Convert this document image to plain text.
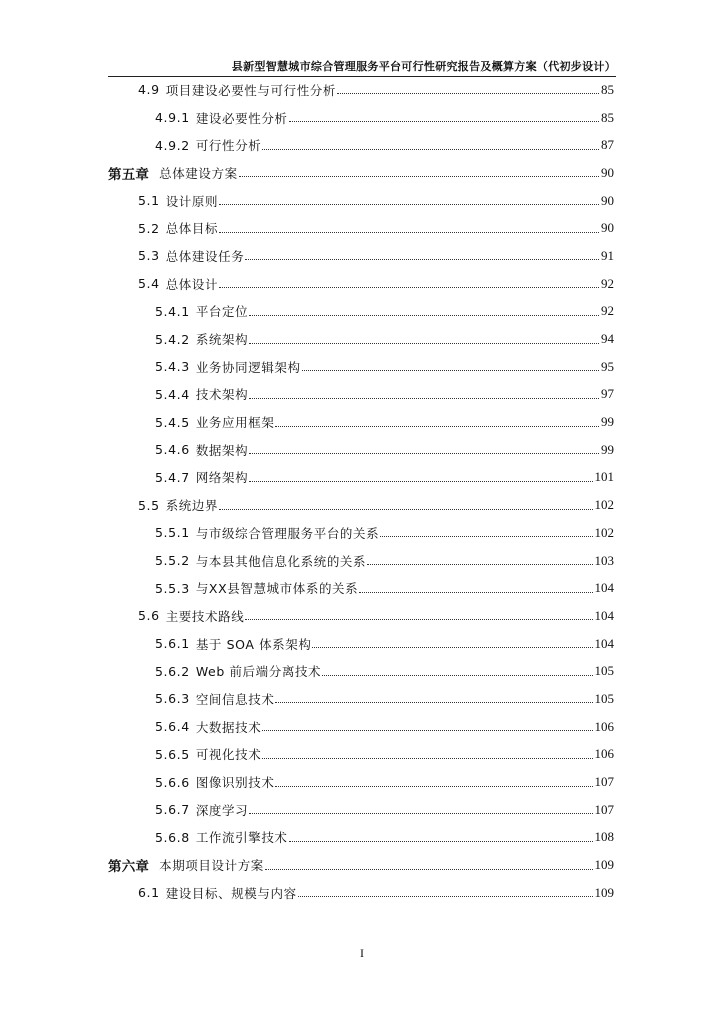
县新型智慧城市综合管理服务平台可行性研究报告及概算方案（代初步设计）
4.9 项目建设必要性与可行性分析	85
4.9.1 建设必要性分析	85
4.9.2 可行性分析	87
第五章 总体建设方案	90
5.1 设计原则	90
5.2 总体目标	90
5.3 总体建设任务	91
5.4 总体设计	92
5.4.1 平台定位	92
5.4.2 系统架构	94
5.4.3 业务协同逻辑架构	95
5.4.4 技术架构	97
5.4.5 业务应用框架	99
5.4.6 数据架构	99
5.4.7 网络架构	101
5.5 系统边界	102
5.5.1 与市级综合管理服务平台的关系	102
5.5.2 与本县其他信息化系统的关系	103
5.5.3 与XX县智慧城市体系的关系	104
5.6 主要技术路线	104
5.6.1 基于 SOA 体系架构	104
5.6.2 Web 前后端分离技术	105
5.6.3 空间信息技术	105
5.6.4 大数据技术	106
5.6.5 可视化技术	106
5.6.6 图像识别技术	107
5.6.7 深度学习	107
5.6.8 工作流引擎技术	108
第六章 本期项目设计方案	109
6.1 建设目标、规模与内容	109
I
